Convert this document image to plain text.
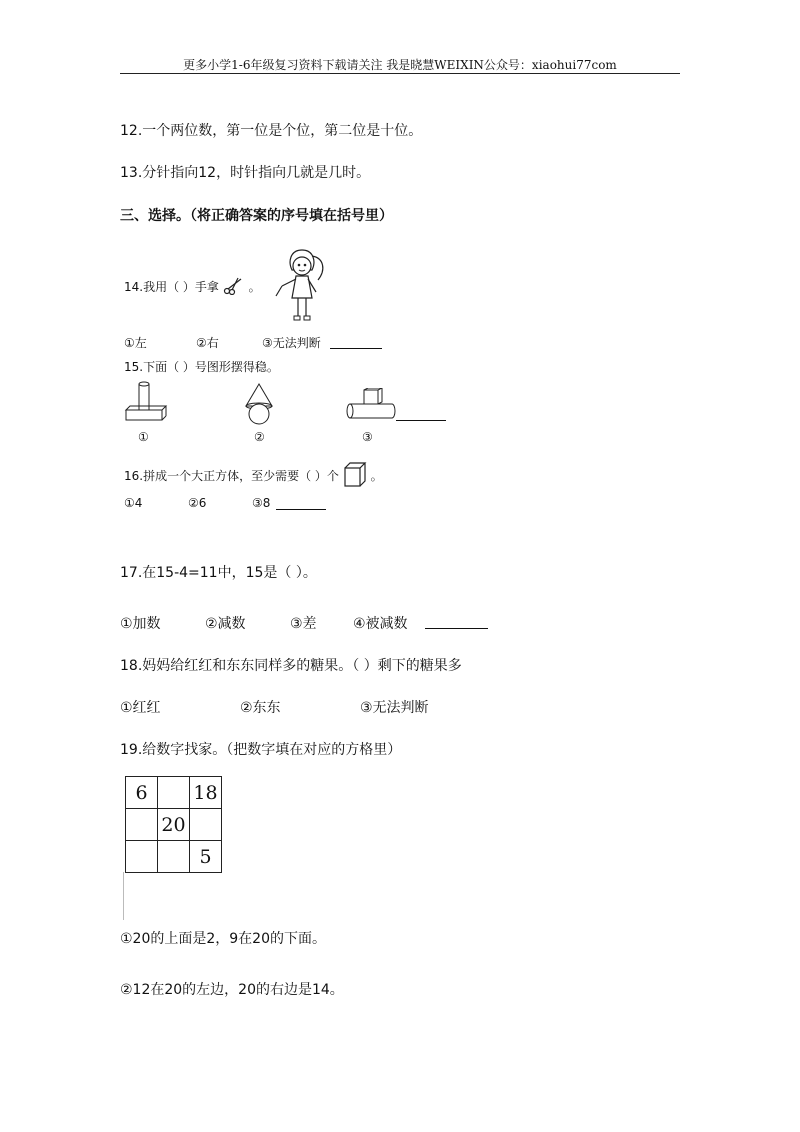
更多小学1-6年级复习资料下载请关注 我是晓慧WEIXIN公众号：xiaohui77com
12.一个两位数，第一位是个位，第二位是十位。
13.分针指向12，时针指向几就是几时。
三、选择。（将正确答案的序号填在括号里）
14.我用（ ）手拿 。
①左	②右	③无法判断
15.下面（ ）号图形摆得稳。
①	②	③
16.拼成一个大正方体，至少需要（ ）个	。
①4	②6	③8
17.在15-4=11中，15是（ ）。
①加数	②减数	③差	④被减数
18.妈妈给红红和东东同样多的糖果。（ ）剩下的糖果多
①红红	②东东	③无法判断
19.给数字找家。（把数字填在对应的方格里）
6		18
	20	
		5
①20的上面是2，9在20的下面。
②12在20的左边，20的右边是14。
